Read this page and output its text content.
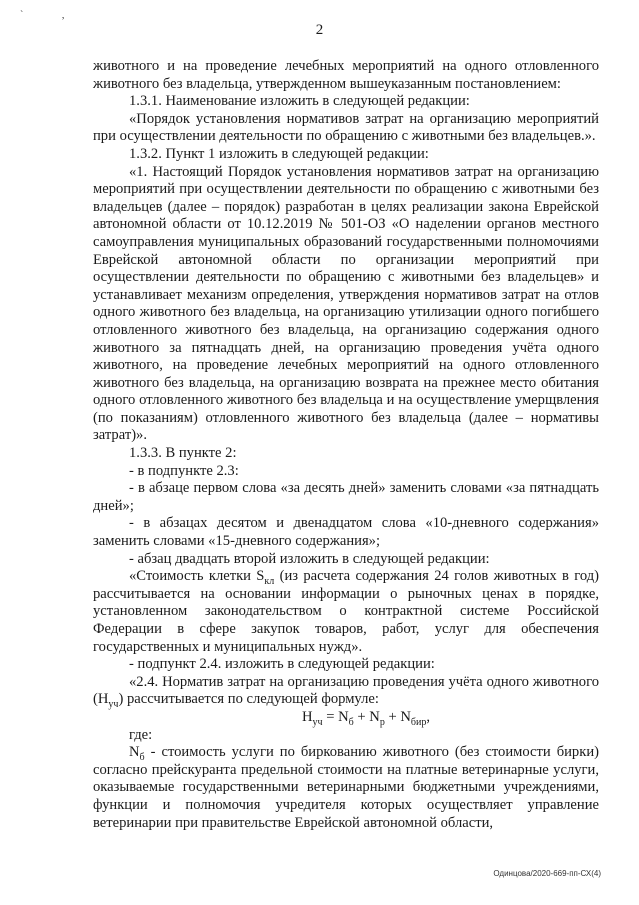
` ,
2

животного и на проведение лечебных мероприятий на одного отловленного животного без владельца, утвержденном вышеуказанным постановлением:

1.3.1. Наименование изложить в следующей редакции:

«Порядок установления нормативов затрат на организацию мероприятий при осуществлении деятельности по обращению с животными без владельцев.».

1.3.2. Пункт 1 изложить в следующей редакции:

«1. Настоящий Порядок установления нормативов затрат на организацию мероприятий при осуществлении деятельности по обращению с животными без владельцев (далее – порядок) разработан в целях реализации закона Еврейской автономной области от 10.12.2019 № 501-ОЗ «О наделении органов местного самоуправления муниципальных образований государственными полномочиями Еврейской автономной области по организации мероприятий при осуществлении деятельности по обращению с животными без владельцев» и устанавливает механизм определения, утверждения нормативов затрат на отлов одного животного без владельца, на организацию утилизации одного погибшего отловленного животного без владельца, на организацию содержания одного животного за пятнадцать дней, на организацию проведения учёта одного животного, на проведение лечебных мероприятий на одного отловленного животного без владельца, на организацию возврата на прежнее место обитания одного отловленного животного без владельца и на осуществление умерщвления (по показаниям) отловленного животного без владельца (далее – нормативы затрат)».

1.3.3. В пункте 2:

- в подпункте 2.3:

- в абзаце первом слова «за десять дней» заменить словами «за пятнадцать дней»;

- в абзацах десятом и двенадцатом слова «10-дневного содержания» заменить словами «15-дневного содержания»;

- абзац двадцать второй изложить в следующей редакции:

«Стоимость клетки $S_{кл}$ (из расчета содержания 24 голов животных в год) рассчитывается на основании информации о рыночных ценах в порядке, установленном законодательством о контрактной системе Российской Федерации в сфере закупок товаров, работ, услуг для обеспечения государственных и муниципальных нужд».

- подпункт 2.4. изложить в следующей редакции:

«2.4. Норматив затрат на организацию проведения учёта одного животного $(Н_{уч})$ рассчитывается по следующей формуле:

$Н_{уч} = N_б + N_р + N_{бир}$,

где:

$N_б$ - стоимость услуги по биркованию животного (без стоимости бирки) согласно прейскуранта предельной стоимости на платные ветеринарные услуги, оказываемые государственными ветеринарными бюджетными учреждениями, функции и полномочия учредителя которых осуществляет управление ветеринарии при правительстве Еврейской автономной области,

Одинцова/2020-669-пп-СХ(4)
